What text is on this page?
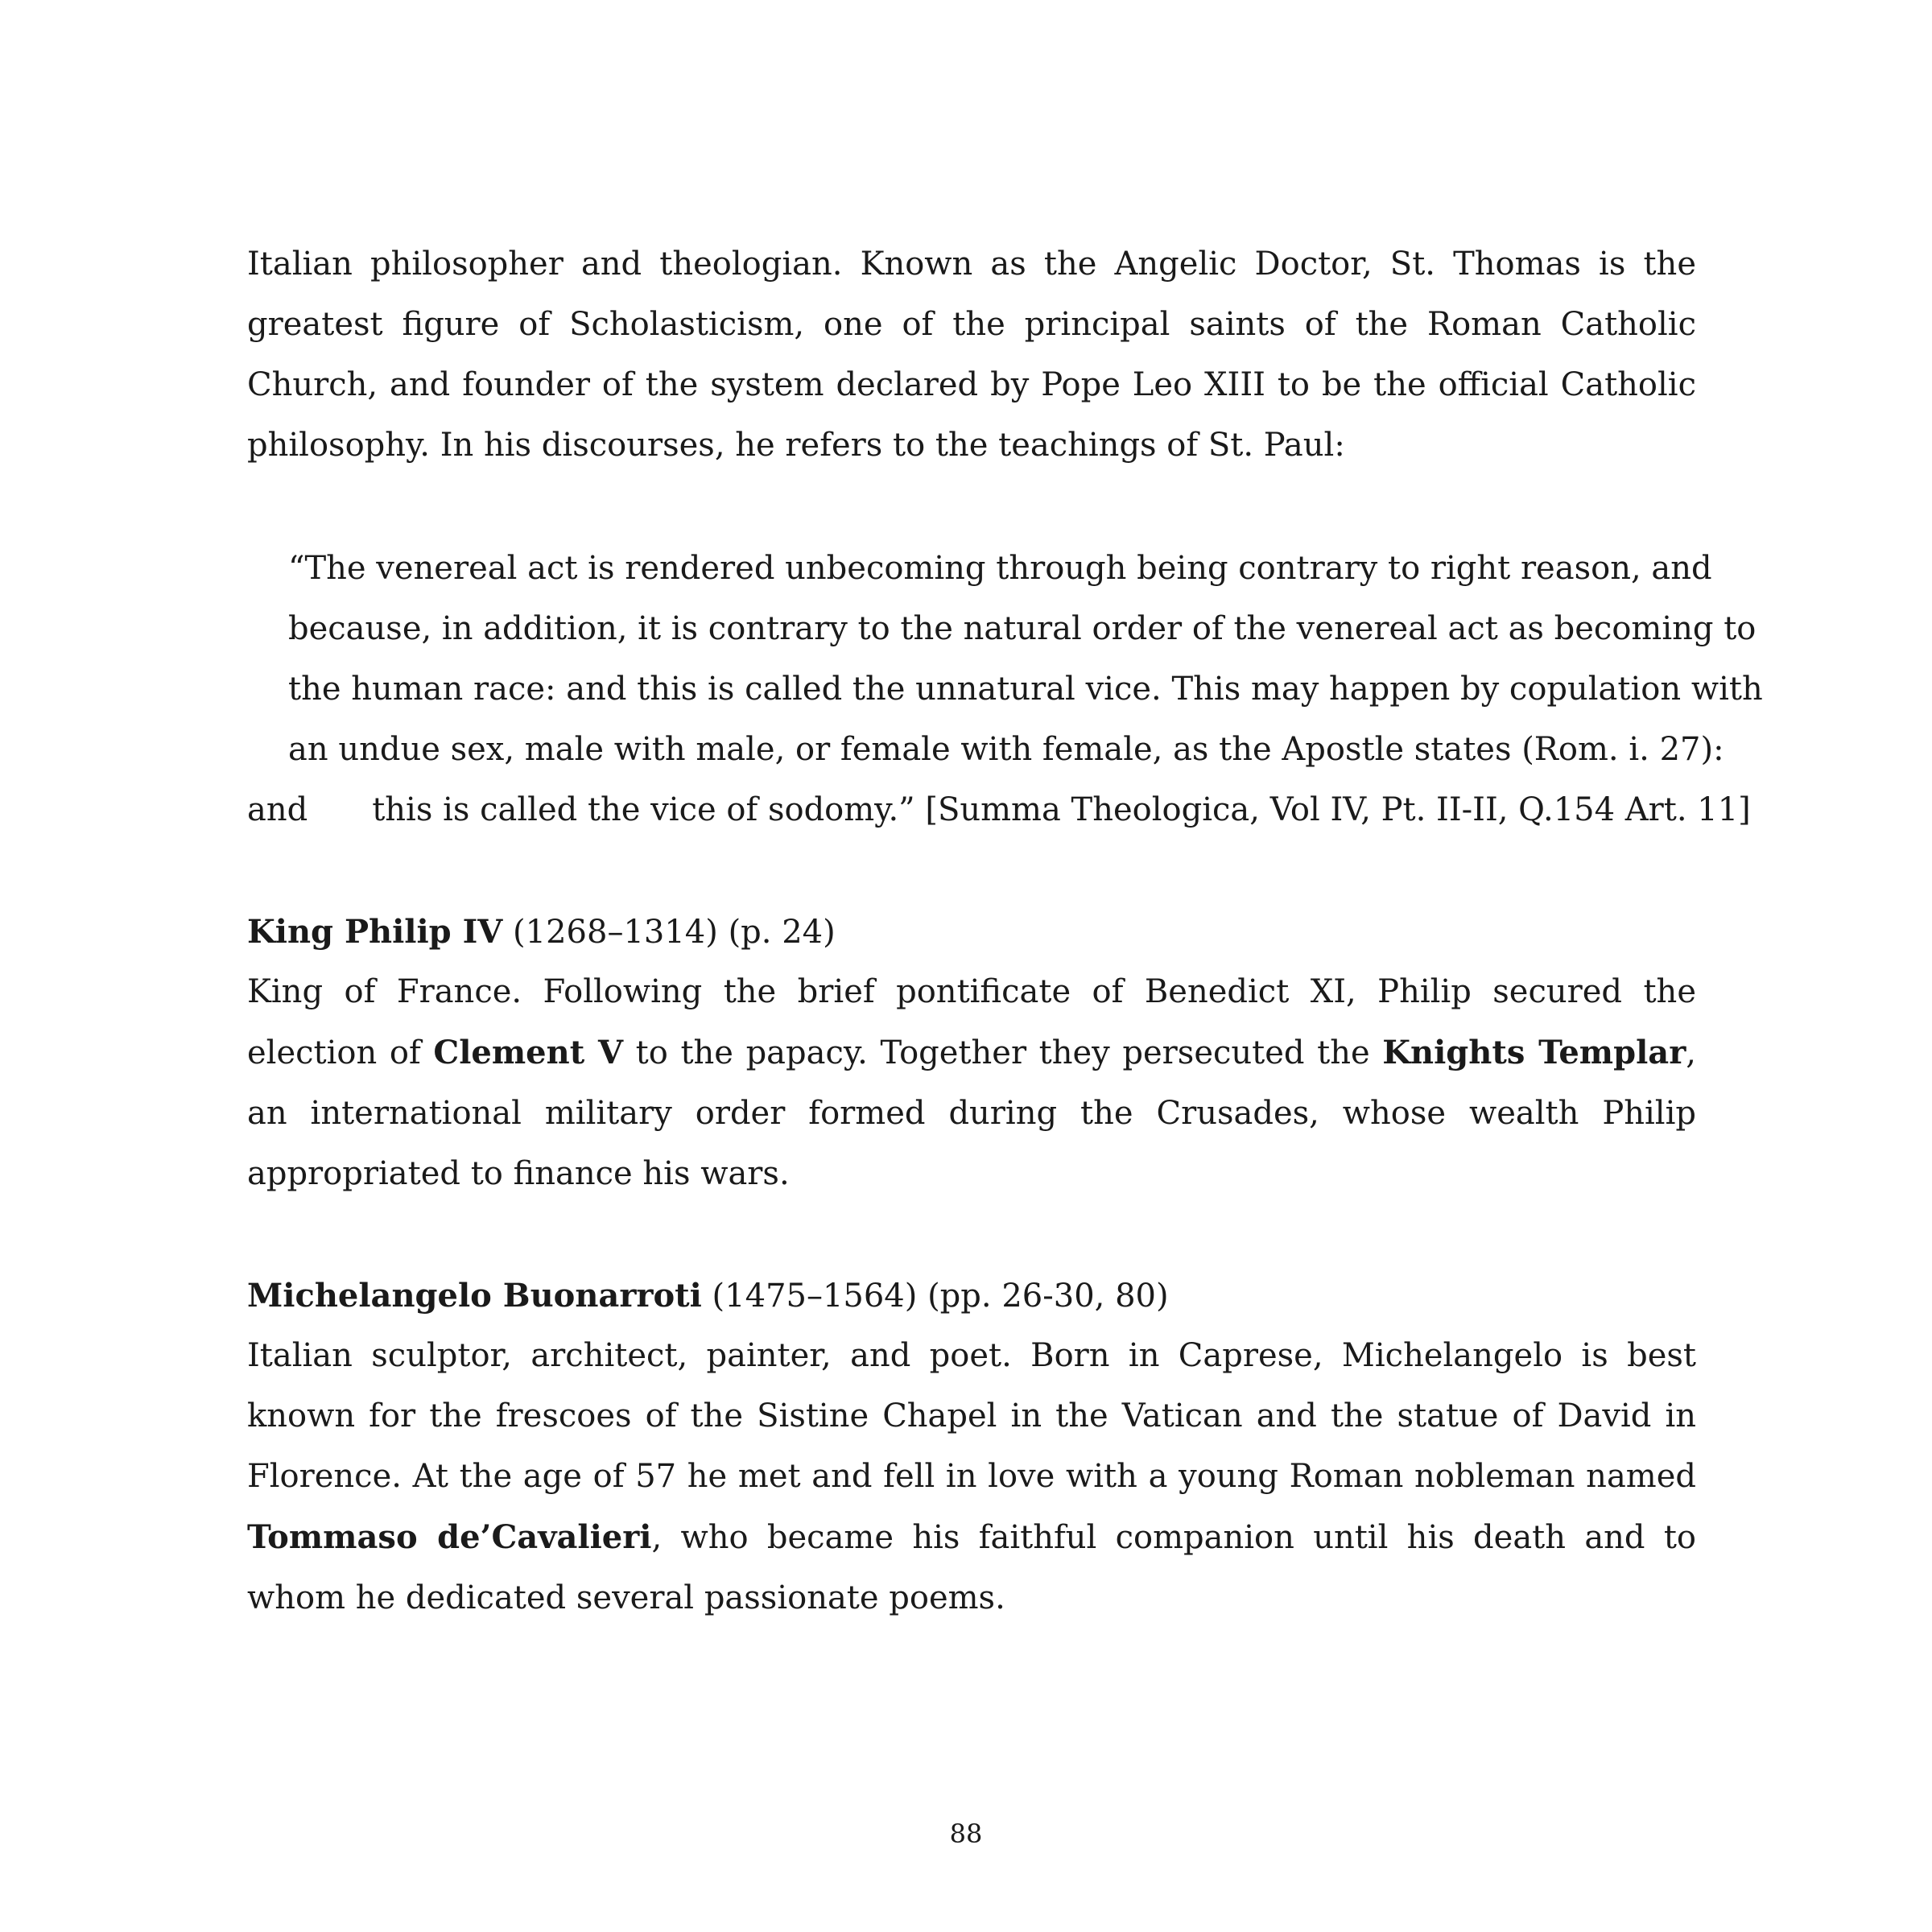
Italian philosopher and theologian. Known as the Angelic Doctor, St. Thomas is the greatest figure of Scholasticism, one of the principal saints of the Roman Catholic Church, and founder of the system declared by Pope Leo XIII to be the official Catholic philosophy. In his discourses, he refers to the teachings of St. Paul:

“The venereal act is rendered unbecoming through being contrary to right reason, and
because, in addition, it is contrary to the natural order of the venereal act as becoming to
the human race: and this is called the unnatural vice. This may happen by copulation with
an undue sex, male with male, or female with female, as the Apostle states (Rom. i. 27):
and this is called the vice of sodomy.” [Summa Theologica, Vol IV, Pt. II-II, Q.154 Art. 11]

King Philip IV (1268–1314) (p. 24)

King of France. Following the brief pontificate of Benedict XI, Philip secured the election of Clement V to the papacy. Together they persecuted the Knights Templar, an international military order formed during the Crusades, whose wealth Philip appropriated to finance his wars.

Michelangelo Buonarroti (1475–1564) (pp. 26-30, 80)

Italian sculptor, architect, painter, and poet. Born in Caprese, Michelangelo is best known for the frescoes of the Sistine Chapel in the Vatican and the statue of David in Florence. At the age of 57 he met and fell in love with a young Roman nobleman named Tommaso de’Cavalieri, who became his faithful companion until his death and to whom he dedicated several passionate poems.

88
